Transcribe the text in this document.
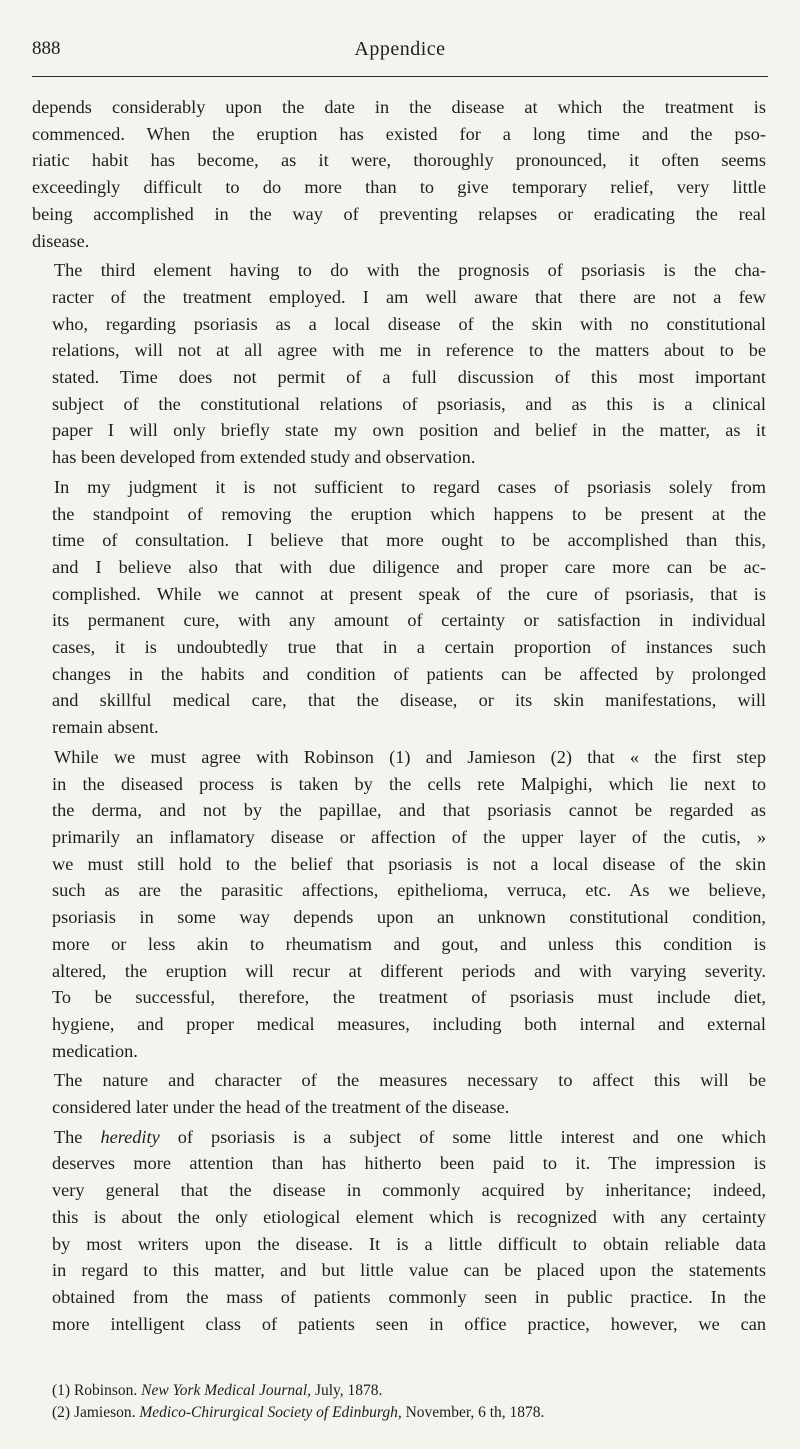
888	Appendice
depends considerably upon the date in the disease at which the treatment is
commenced. When the eruption has existed for a long time and the pso-
riatic habit has become, as it were, thoroughly pronounced, it often seems
exceedingly difficult to do more than to give temporary relief, very little
being accomplished in the way of preventing relapses or eradicating the real
disease.
The third element having to do with the prognosis of psoriasis is the cha-
racter of the treatment employed. I am well aware that there are not a few
who, regarding psoriasis as a local disease of the skin with no constitutional
relations, will not at all agree with me in reference to the matters about to be
stated. Time does not permit of a full discussion of this most important
subject of the constitutional relations of psoriasis, and as this is a clinical
paper I will only briefly state my own position and belief in the matter, as it
has been developed from extended study and observation.
In my judgment it is not sufficient to regard cases of psoriasis solely from
the standpoint of removing the eruption which happens to be present at the
time of consultation. I believe that more ought to be accomplished than this,
and I believe also that with due diligence and proper care more can be ac-
complished. While we cannot at present speak of the cure of psoriasis, that is
its permanent cure, with any amount of certainty or satisfaction in individual
cases, it is undoubtedly true that in a certain proportion of instances such
changes in the habits and condition of patients can be affected by prolonged
and skillful medical care, that the disease, or its skin manifestations, will
remain absent.
While we must agree with Robinson (1) and Jamieson (2) that « the first step
in the diseased process is taken by the cells rete Malpighi, which lie next to
the derma, and not by the papillae, and that psoriasis cannot be regarded as
primarily an inflamatory disease or affection of the upper layer of the cutis, »
we must still hold to the belief that psoriasis is not a local disease of the skin
such as are the parasitic affections, epithelioma, verruca, etc. As we believe,
psoriasis in some way depends upon an unknown constitutional condition,
more or less akin to rheumatism and gout, and unless this condition is
altered, the eruption will recur at different periods and with varying severity.
To be successful, therefore, the treatment of psoriasis must include diet,
hygiene, and proper medical measures, including both internal and external
medication.
The nature and character of the measures necessary to affect this will be
considered later under the head of the treatment of the disease.
The heredity of psoriasis is a subject of some little interest and one which
deserves more attention than has hitherto been paid to it. The impression is
very general that the disease in commonly acquired by inheritance; indeed,
this is about the only etiological element which is recognized with any certainty
by most writers upon the disease. It is a little difficult to obtain reliable data
in regard to this matter, and but little value can be placed upon the statements
obtained from the mass of patients commonly seen in public practice. In the
more intelligent class of patients seen in office practice, however, we can
(1) Robinson. New York Medical Journal, July, 1878.
(2) Jamieson. Medico-Chirurgical Society of Edinburgh, November, 6 th, 1878.
